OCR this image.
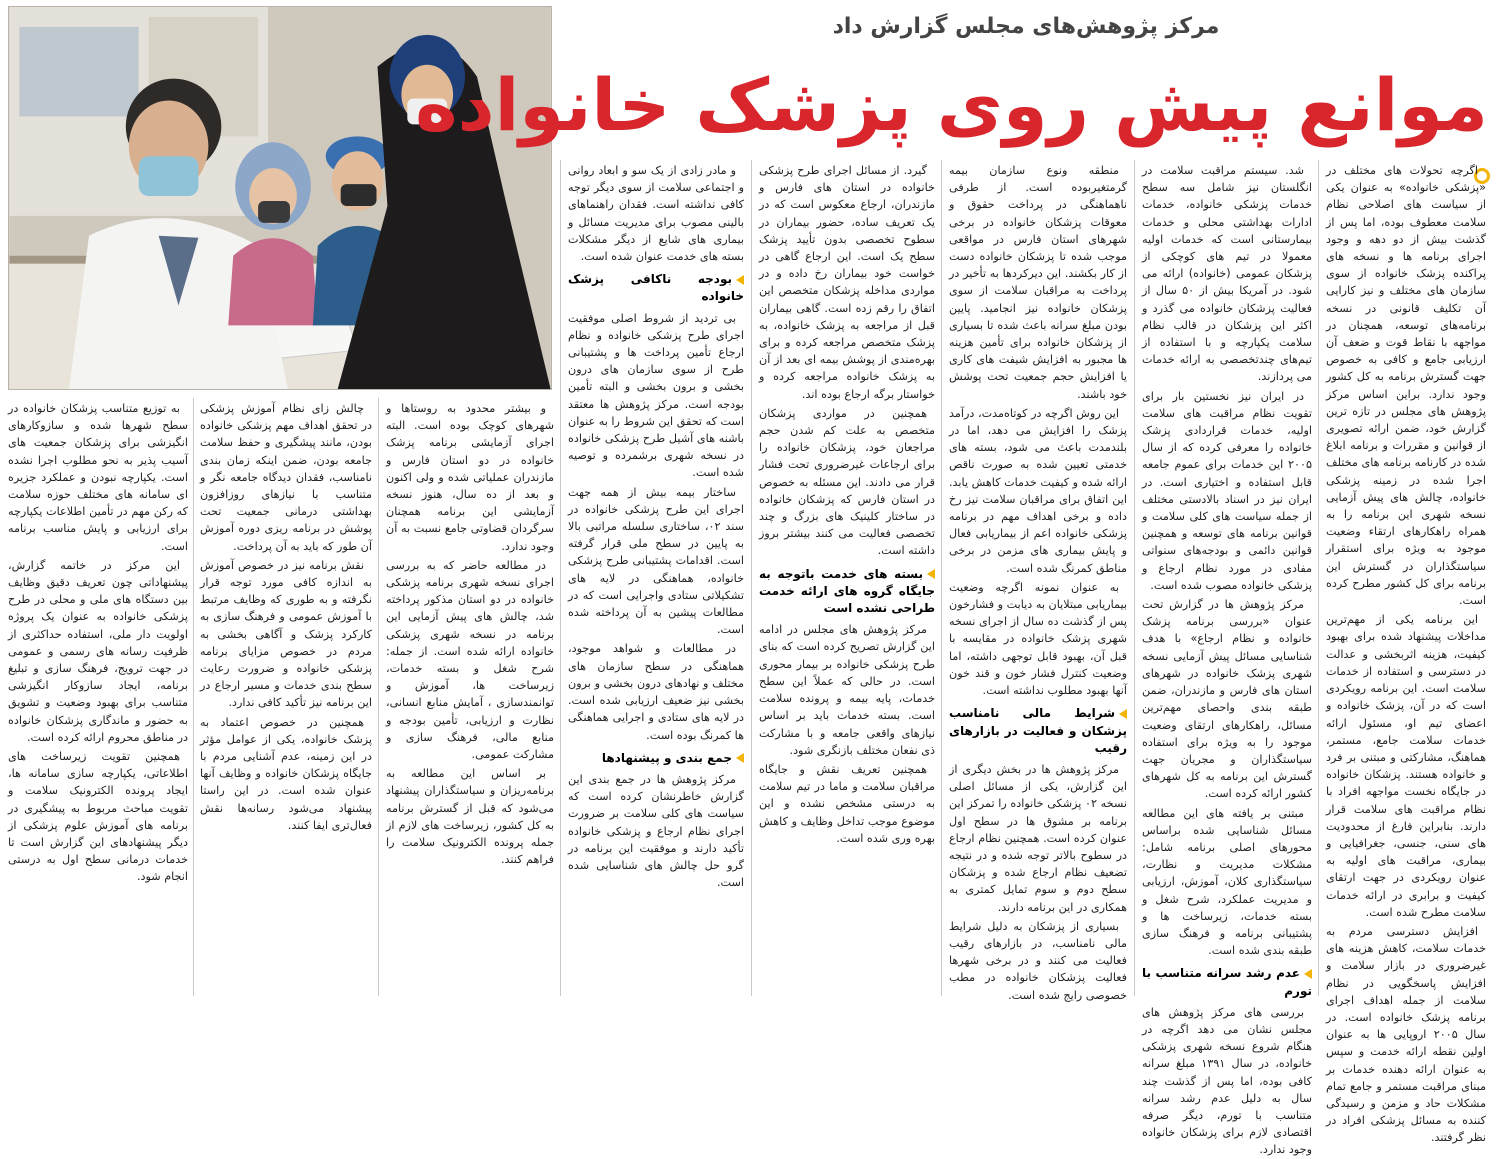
مرکز پژوهش‌های مجلس گزارش داد
موانع پیش روی پزشک خانواده

اگرچه تحولات های مختلف در «پزشکی خانواده» به عنوان یکی از سیاست های اصلاحی نظام سلامت معطوف بوده، اما پس از گذشت بیش از دو دهه و وجود اجرای برنامه ها و نسخه های پراکنده پزشک خانواده از سوی سازمان های مختلف و نیز کارایی آن تکلیف قانونی در نسخه برنامه‌های توسعه، همچنان در مواجهه با نقاط قوت و ضعف آن ارزیابی جامع و کافی به خصوص جهت گسترش برنامه به کل کشور وجود ندارد. براین اساس مرکز پژوهش های مجلس در تازه ترین گزارش خود، ضمن ارائه تصویری از قوانین و مقررات و برنامه ابلاغ شده در کارنامه برنامه های مختلف اجرا شده در زمینه پزشکی خانواده، چالش های پیش آزمایی نسخه شهری این برنامه را به همراه راهکارهای ارتقاء وضعیت موجود به ویژه برای استقرار سیاستگذاران در گسترش این برنامه برای کل کشور مطرح کرده است.

این برنامه یکی از مهم‌ترین مداخلات پیشنهاد شده برای بهبود کیفیت، هزینه اثربخشی و عدالت در دسترسی و استفاده از خدمات سلامت است. این برنامه رویکردی است که در آن، پزشک خانواده و اعضای تیم او، مسئول ارائه خدمات سلامت جامع، مستمر، هماهنگ، مشارکتی و مبتنی بر فرد و خانواده هستند. پزشکان خانواده در جایگاه نخست مواجهه افراد با نظام مراقبت های سلامت قرار دارند. بنابراین فارغ از محدودیت های سنی، جنسی، جغرافیایی و بیماری، مراقبت های اولیه به عنوان رویکردی در جهت ارتقای کیفیت و برابری در ارائه خدمات سلامت مطرح شده است.

افزایش دسترسی مردم به خدمات سلامت، کاهش هزینه های غیرضروری در بازار سلامت و افزایش پاسخگویی در نظام سلامت از جمله اهداف اجرای برنامه پزشک خانواده است. در سال ۲۰۰۵ اروپایی ها به عنوان اولین نقطه ارائه خدمت و سپس به عنوان ارائه دهنده خدمات بر مبنای مراقبت مستمر و جامع تمام مشکلات حاد و مزمن و رسیدگی کننده به مسائل پزشکی افراد در نظر گرفتند.

شد. سیستم مراقبت سلامت در انگلستان نیز شامل سه سطح خدمات پزشکی خانواده، خدمات ادارات بهداشتی محلی و خدمات بیمارستانی است که خدمات اولیه معمولا در تیم های کوچکی از پزشکان عمومی (خانواده) ارائه می شود. در آمریکا بیش از ۵۰ سال از فعالیت پزشکان خانواده می گذرد و اکثر این پزشکان در قالب نظام سلامت یکپارچه و با استفاده از تیم‌های چندتخصصی به ارائه خدمات می پردازند.

در ایران نیز نخستین بار برای تقویت نظام مراقبت های سلامت اولیه، خدمات قراردادی پزشک خانواده را معرفی کرده که از سال ۲۰۰۵ این خدمات برای عموم جامعه قابل استفاده و اختیاری است. در ایران نیز در اسناد بالادستی مختلف از جمله سیاست های کلی سلامت و قوانین برنامه های توسعه و همچنین قوانین دائمی و بودجه‌های سنواتی مفادی در مورد نظام ارجاع و پزشکی خانواده مصوب شده است.

مرکز پژوهش ها در گزارش تحت عنوان «بررسی برنامه پزشک خانواده و نظام ارجاع» با هدف شناسایی مسائل پیش آزمایی نسخه شهری پزشک خانواده در شهرهای استان های فارس و مازندران، ضمن طبقه بندی واحصای مهم‌ترین مسائل، راهکارهای ارتقای وضعیت موجود را به ویژه برای استفاده سیاستگذاران و مجریان جهت گسترش این برنامه به کل شهرهای کشور ارائه کرده است.

مبتنی بر یافته های این مطالعه مسائل شناسایی شده براساس محورهای اصلی برنامه شامل: مشکلات مدیریت و نظارت، سیاستگذاری کلان، آموزش، ارزیابی و مدیریت عملکرد، شرح شغل و بسته خدمات، زیرساخت ها و پشتیبانی برنامه و فرهنگ سازی طبقه بندی شده است.

عدم رشد سرانه متناسب با تورم

بررسی های مرکز پژوهش های مجلس نشان می دهد اگرچه در هنگام شروع نسخه شهری پزشکی خانواده، در سال ۱۳۹۱ مبلغ سرانه کافی بوده، اما پس از گذشت چند سال به دلیل عدم رشد سرانه متناسب با تورم، دیگر صرفه اقتصادی لازم برای پزشکان خانواده وجود ندارد.

منطقه ونوع سازمان بیمه گرمتغیربوده است. از طرفی ناهماهنگی در پرداخت حقوق و معوقات پزشکان خانواده در برخی شهرهای استان فارس در مواقعی موجب شده تا پزشکان خانواده دست از کار بکشند. این دیرکردها به تأخیر در پرداخت به مراقبان سلامت از سوی پزشکان خانواده نیز انجامید. پایین بودن مبلغ سرانه باعث شده تا بسیاری از پزشکان خانواده برای تأمین هزینه ها مجبور به افزایش شیفت های کاری یا افزایش حجم جمعیت تحت پوشش خود باشند.

این روش اگرچه در کوتاه‌مدت، درآمد پزشک را افزایش می دهد، اما در بلندمدت باعث می شود، بسته های خدمتی تعیین شده به صورت ناقص ارائه شده و کیفیت خدمات کاهش یابد. این اتفاق برای مراقبان سلامت نیز رخ داده و برخی اهداف مهم در برنامه پزشکی خانواده اعم از بیماریابی فعال و پایش بیماری های مزمن در برخی مناطق کمرنگ شده است.

به عنوان نمونه اگرچه وضعیت بیماریابی مبتلایان به دیابت و فشارخون پس از گذشت ده سال از اجرای نسخه شهری پزشک خانواده در مقایسه با قبل آن، بهبود قابل توجهی داشته، اما وضعیت کنترل فشار خون و قند خون آنها بهبود مطلوب نداشته است.

شرایط مالی نامناسب پزشکان و فعالیت در بازارهای رقیب

مرکز پژوهش ها در بخش دیگری از این گزارش، یکی از مسائل اصلی نسخه ۰۲ پزشکی خانواده را تمرکز این برنامه بر مشوق ها در سطح اول عنوان کرده است. همچنین نظام ارجاع در سطوح بالاتر توجه شده و در نتیجه تضعیف نظام ارجاع شده و پزشکان سطح دوم و سوم تمایل کمتری به همکاری در این برنامه دارند.

بسیاری از پزشکان به دلیل شرایط مالی نامناسب، در بازارهای رقیب فعالیت می کنند و در برخی شهرها فعالیت پزشکان خانواده در مطب خصوصی رایج شده است.

گیرد. از مسائل اجرای طرح پزشکی خانواده در استان های فارس و مازندران، ارجاع معکوس است که در یک تعریف ساده، حضور بیماران در سطوح تخصصی بدون تأیید پزشک سطح یک است. این ارجاع گاهی در خواست خود بیماران رخ داده و در مواردی مداخله پزشکان متخصص این اتفاق را رقم زده است. گاهی بیماران قبل از مراجعه به پزشک خانواده، به پزشک متخصص مراجعه کرده و برای بهره‌مندی از پوشش بیمه ای بعد از آن به پزشک خانواده مراجعه کرده و خواستار برگه ارجاع بوده اند.

همچنین در مواردی پزشکان متخصص به علت کم شدن حجم مراجعان خود، پزشکان خانواده را برای ارجاعات غیرضروری تحت فشار قرار می دادند. این مسئله به خصوص در استان فارس که پزشکان خانواده در ساختار کلینیک های بزرگ و چند تخصصی فعالیت می کنند بیشتر بروز داشته است.

بسته های خدمت باتوجه به جایگاه گروه های ارائه خدمت طراحی نشده است

مرکز پژوهش های مجلس در ادامه این گزارش تصریح کرده است که بنای طرح پزشکی خانواده بر بیمار محوری است. در حالی که عملاً این سطح خدمات، پایه بیمه و پرونده سلامت است. بسته خدمات باید بر اساس نیازهای واقعی جامعه و با مشارکت ذی نفعان مختلف بازنگری شود.

همچنین تعریف نقش و جایگاه مراقبان سلامت و ماما در تیم سلامت به درستی مشخص نشده و این موضوع موجب تداخل وظایف و کاهش بهره وری شده است.

و مادر زادی از یک سو و ابعاد روانی و اجتماعی سلامت از سوی دیگر توجه کافی نداشته است. فقدان راهنماهای بالینی مصوب برای مدیریت مسائل و بیماری های شایع از دیگر مشکلات بسته های خدمت عنوان شده است.

بودجه ناکافی پزشک خانواده

بی تردید از شروط اصلی موفقیت اجرای طرح پزشکی خانواده و نظام ارجاع تأمین پرداخت ها و پشتیبانی طرح از سوی سازمان های درون بخشی و برون بخشی و البته تأمین بودجه است. مرکز پژوهش ها معتقد است که تحقق این شروط را به عنوان باشنه های آشیل طرح پزشکی خانواده در نسخه شهری برشمرده و توصیه شده است.

ساختار بیمه بیش از همه جهت اجرای این طرح پزشکی خانواده در سند ۰۲، ساختاری سلسله مراتبی بالا به پایین در سطح ملی قرار گرفته است. اقدامات پشتیبانی طرح پزشکی خانواده، هماهنگی در لایه های تشکیلاتی ستادی واجرایی است که در مطالعات پیشین به آن پرداخته شده است.

در مطالعات و شواهد موجود، هماهنگی در سطح سازمان های مختلف و نهادهای درون بخشی و برون بخشی نیز ضعیف ارزیابی شده است. در لایه های ستادی و اجرایی هماهنگی ها کمرنگ بوده است.

جمع بندی و پیشنهادها

مرکز پژوهش ها در جمع بندی این گزارش خاطرنشان کرده است که سیاست های کلی سلامت بر ضرورت اجرای نظام ارجاع و پزشکی خانواده تأکید دارند و موفقیت این برنامه در گرو حل چالش های شناسایی شده است.

و بیشتر محدود به روستاها و شهرهای کوچک بوده است. البته اجرای آزمایشی برنامه پزشک خانواده در دو استان فارس و مازندران عملیاتی شده و ولی اکنون و بعد از ده سال، هنوز نسخه آزمایشی این برنامه همچنان سرگردان قضاوتی جامع نسبت به آن وجود ندارد.

در مطالعه حاضر که به بررسی اجرای نسخه شهری برنامه پزشکی خانواده در دو استان مذکور پرداخته شد، چالش های پیش آزمایی این برنامه در نسخه شهری پزشکی خانواده ارائه شده است. از جمله: شرح شغل و بسته خدمات، زیرساخت ها، آموزش و توانمندسازی ، آمایش منابع انسانی، نظارت و ارزیابی، تأمین بودجه و منابع مالی، فرهنگ سازی و مشارکت عمومی.

بر اساس این مطالعه به برنامه‌ریزان و سیاستگذاران پیشنهاد می‌شود که قبل از گسترش برنامه به کل کشور، زیرساخت های لازم از جمله پرونده الکترونیک سلامت را فراهم کنند.

چالش زای نظام آموزش پزشکی در تحقق اهداف مهم پزشکی خانواده بودن، مانند پیشگیری و حفظ سلامت جامعه بودن، ضمن اینکه زمان بندی نامناسب، فقدان دیدگاه جامعه نگر و متناسب با نیازهای روزافزون بهداشتی درمانی جمعیت تحت پوشش در برنامه ریزی دوره آموزش آن طور که باید به آن پرداخت.

نقش برنامه نیز در خصوص آموزش به اندازه کافی مورد توجه قرار نگرفته و به طوری که وظایف مرتبط با آموزش عمومی و فرهنگ سازی به کارکرد پزشک و آگاهی بخشی به مردم در خصوص مزایای برنامه پزشکی خانواده و ضرورت رعایت سطح بندی خدمات و مسیر ارجاع در این برنامه نیز تأکید کافی ندارد.

همچنین در خصوص اعتماد به پزشک خانواده، یکی از عوامل مؤثر در این زمینه، عدم آشنایی مردم با جایگاه پزشکان خانواده و وظایف آنها عنوان شده است. در این راستا پیشنهاد می‌شود رسانه‌ها نقش فعال‌تری ایفا کنند.

به توزیع متناسب پزشکان خانواده در سطح شهرها شده و سازوکارهای انگیزشی برای پزشکان جمعیت های آسیب پذیر به نحو مطلوب اجرا نشده است. یکپارچه نبودن و عملکرد جزیره ای سامانه های مختلف حوزه سلامت که رکن مهم در تأمین اطلاعات یکپارچه برای ارزیابی و پایش مناسب برنامه است.

این مرکز در خاتمه گزارش، پیشنهاداتی چون تعریف دقیق وظایف بین دستگاه های ملی و محلی در طرح پزشکی خانواده به عنوان یک پروژه اولویت دار ملی، استفاده حداکثری از ظرفیت رسانه های رسمی و عمومی در جهت ترویج، فرهنگ سازی و تبلیغ برنامه، ایجاد سازوکار انگیزشی متناسب برای بهبود وضعیت و تشویق به حضور و ماندگاری پزشکان خانواده در مناطق محروم ارائه کرده است.

همچنین تقویت زیرساخت های اطلاعاتی، یکپارچه سازی سامانه ها، ایجاد پرونده الکترونیک سلامت و تقویت مباحث مربوط به پیشگیری در برنامه های آموزش علوم پزشکی از دیگر پیشنهادهای این گزارش است تا خدمات درمانی سطح اول به درستی انجام شود.
